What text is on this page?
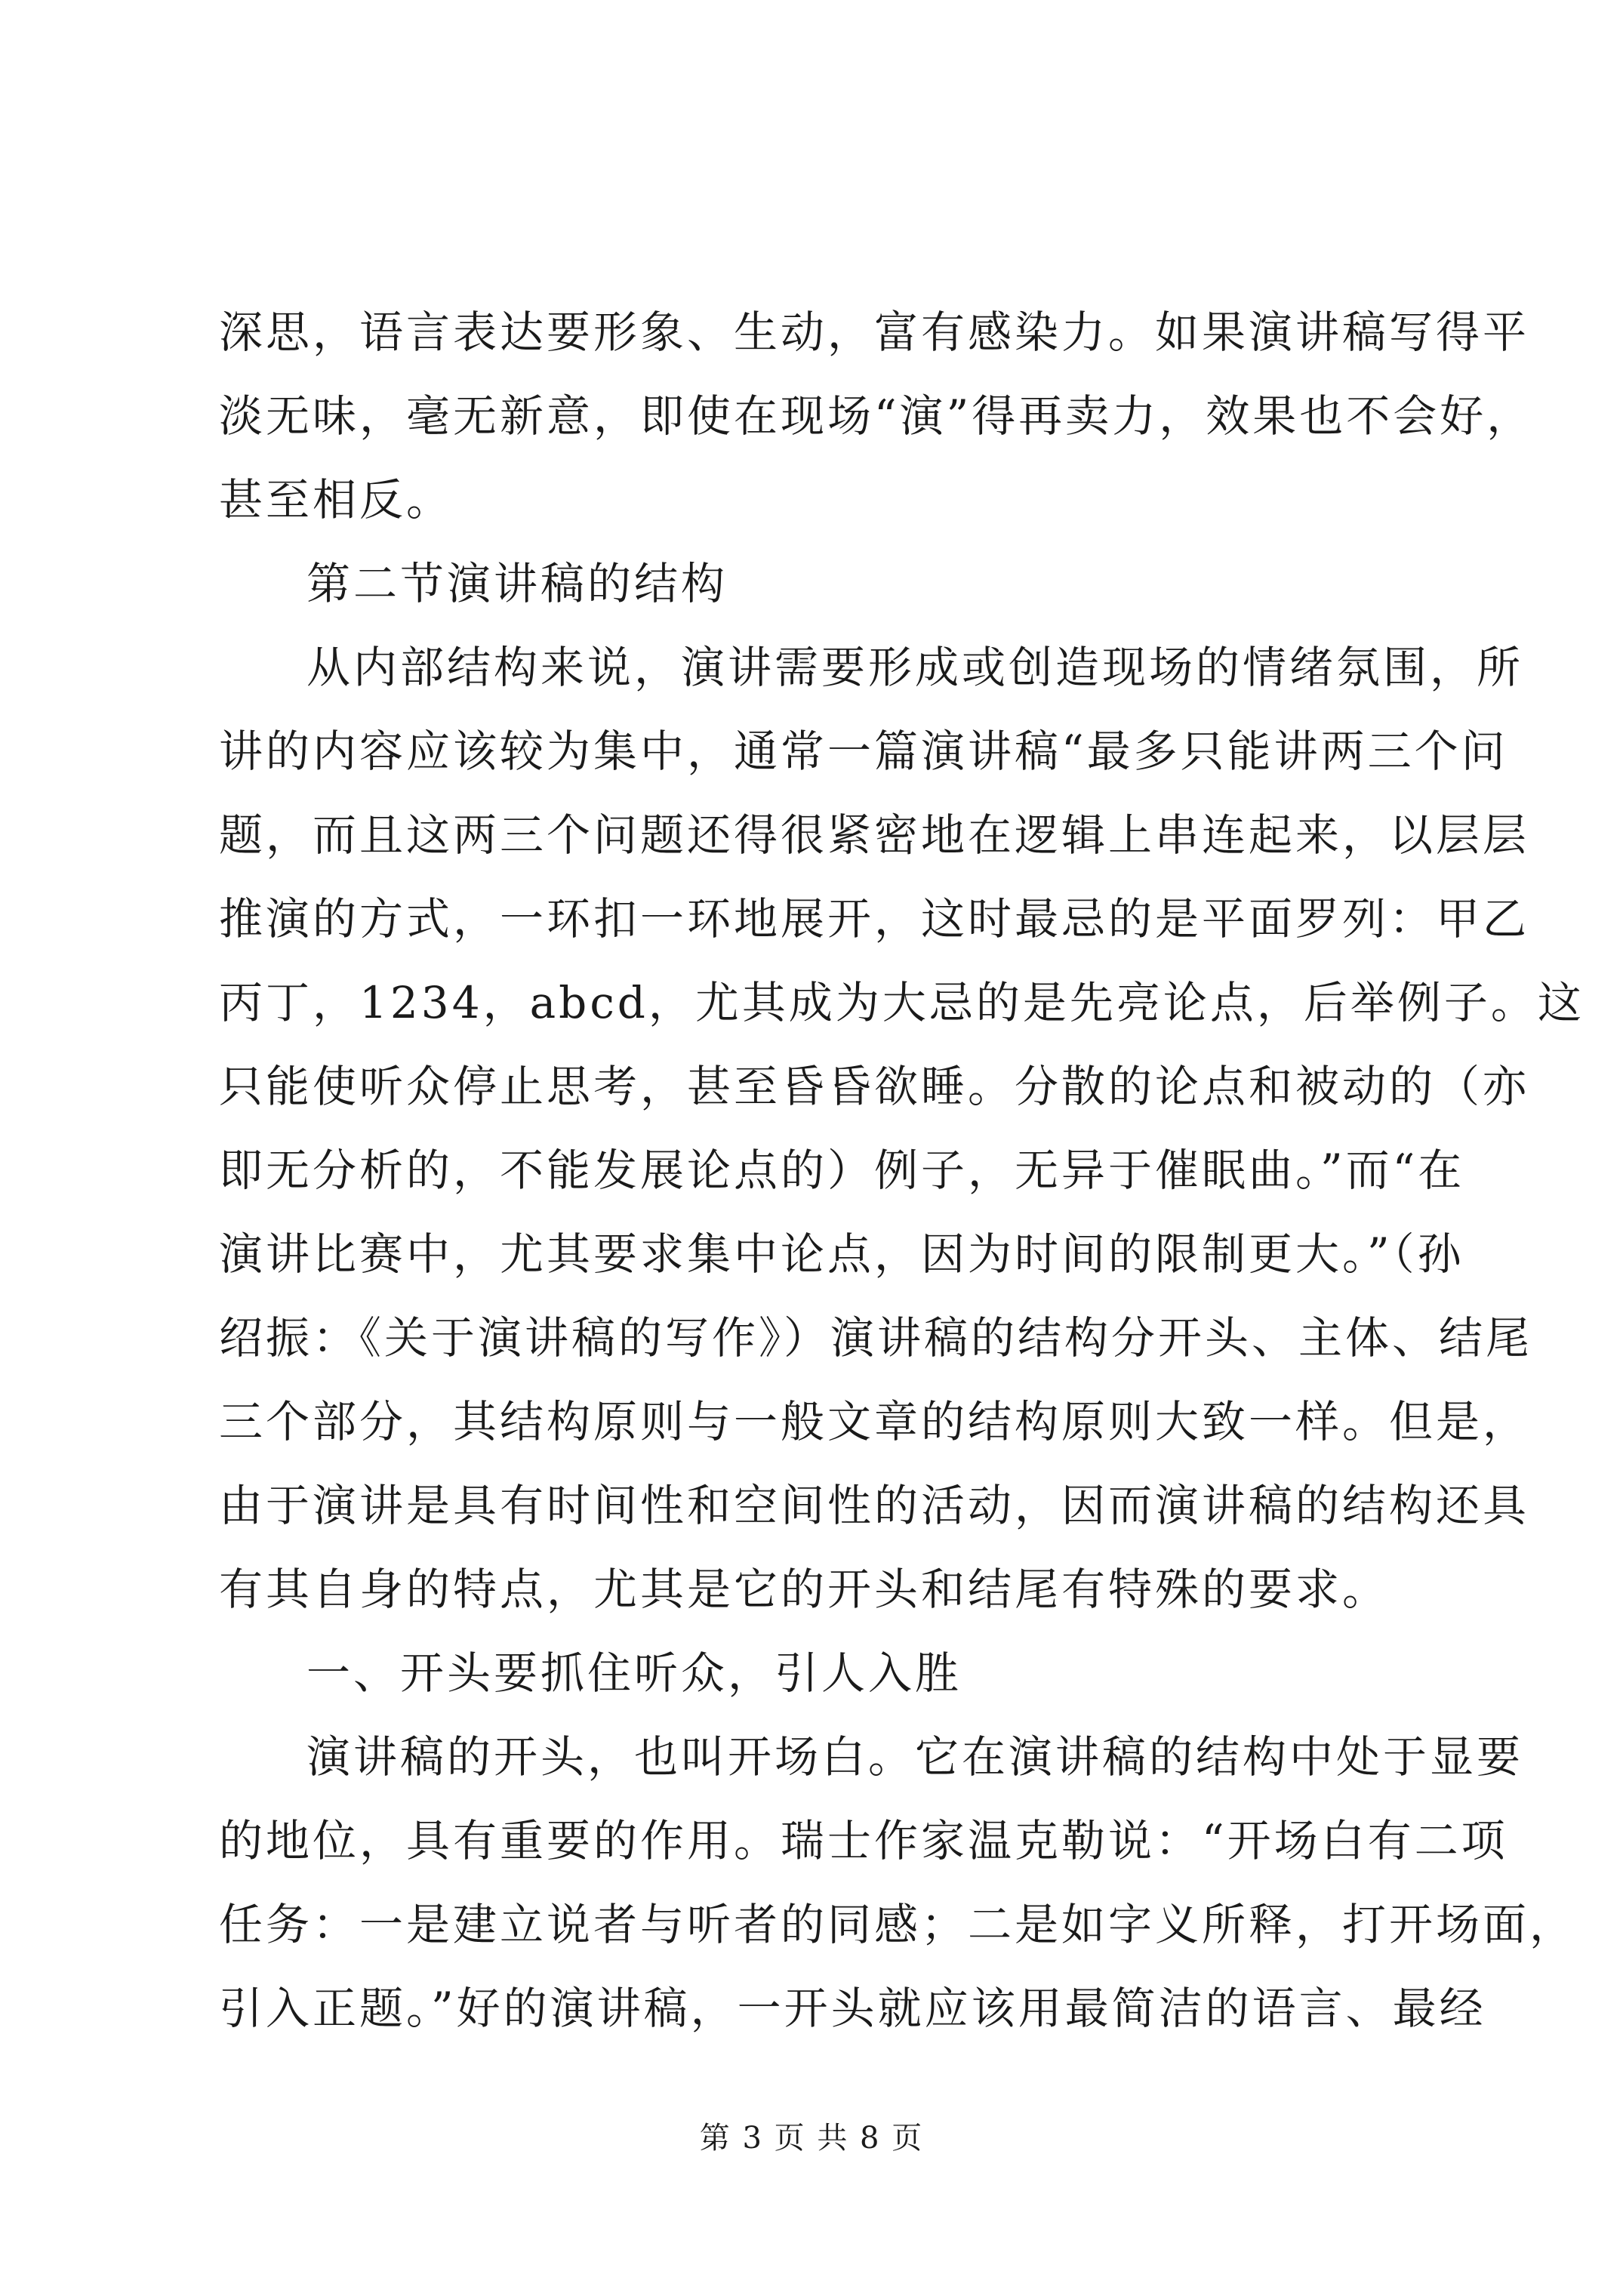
深思，语言表达要形象、生动，富有感染力。如果演讲稿写得平
淡无味，毫无新意，即使在现场“演”得再卖力，效果也不会好，
甚至相反。
第二节演讲稿的结构
从内部结构来说，演讲需要形成或创造现场的情绪氛围，所
讲的内容应该较为集中，通常一篇演讲稿“最多只能讲两三个问
题，而且这两三个问题还得很紧密地在逻辑上串连起来，以层层
推演的方式，一环扣一环地展开，这时最忌的是平面罗列：甲乙
丙丁，1234，abcd，尤其成为大忌的是先亮论点，后举例子。这
只能使听众停止思考，甚至昏昏欲睡。分散的论点和被动的（亦
即无分析的，不能发展论点的）例子，无异于催眠曲。”而“在
演讲比赛中，尤其要求集中论点，因为时间的限制更大。”（孙
绍振：《关于演讲稿的写作》）演讲稿的结构分开头、主体、结尾
三个部分，其结构原则与一般文章的结构原则大致一样。但是，
由于演讲是具有时间性和空间性的活动，因而演讲稿的结构还具
有其自身的特点，尤其是它的开头和结尾有特殊的要求。
一、开头要抓住听众，引人入胜
演讲稿的开头，也叫开场白。它在演讲稿的结构中处于显要
的地位，具有重要的作用。瑞士作家温克勒说：“开场白有二项
任务：一是建立说者与听者的同感；二是如字义所释，打开场面，
引入正题。”好的演讲稿，一开头就应该用最简洁的语言、最经
第 3 页 共 8 页
